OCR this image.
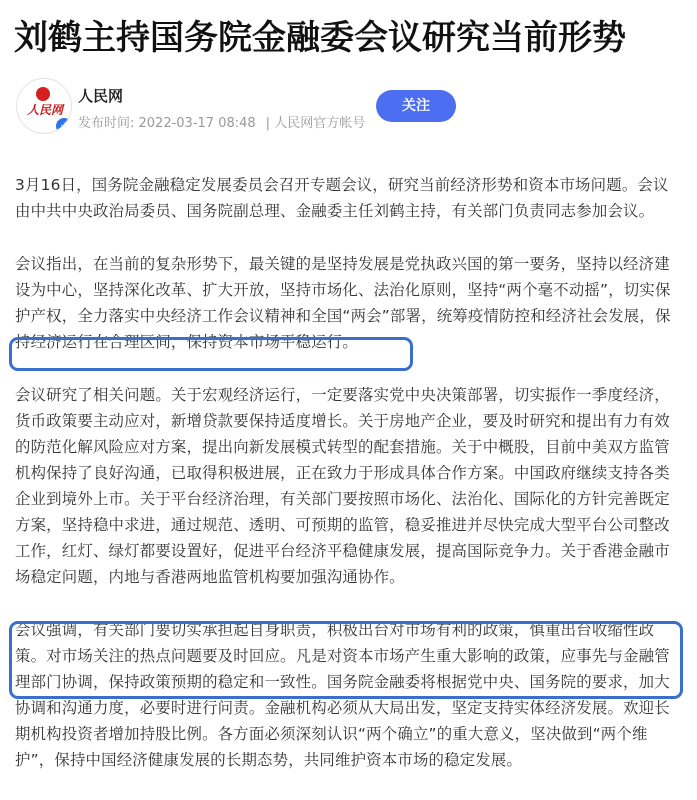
刘鹤主持国务院金融委会议研究当前形势
人民网
✓
人民网
发布时间: 2022-03-17 08:48 | 人民网官方帐号
关注

3月16日，国务院金融稳定发展委员会召开专题会议，研究当前经济形势和资本市场问题。会议由中共中央政治局委员、国务院副总理、金融委主任刘鹤主持，有关部门负责同志参加会议。

会议指出，在当前的复杂形势下，最关键的是坚持发展是党执政兴国的第一要务，坚持以经济建设为中心，坚持深化改革、扩大开放，坚持市场化、法治化原则，坚持“两个毫不动摇”，切实保护产权，全力落实中央经济工作会议精神和全国“两会”部署，统筹疫情防控和经济社会发展，保持经济运行在合理区间，保持资本市场平稳运行。

会议研究了相关问题。关于宏观经济运行，一定要落实党中央决策部署，切实振作一季度经济，货币政策要主动应对，新增贷款要保持适度增长。关于房地产企业，要及时研究和提出有力有效的防范化解风险应对方案，提出向新发展模式转型的配套措施。关于中概股，目前中美双方监管机构保持了良好沟通，已取得积极进展，正在致力于形成具体合作方案。中国政府继续支持各类企业到境外上市。关于平台经济治理，有关部门要按照市场化、法治化、国际化的方针完善既定方案，坚持稳中求进，通过规范、透明、可预期的监管，稳妥推进并尽快完成大型平台公司整改工作，红灯、绿灯都要设置好，促进平台经济平稳健康发展，提高国际竞争力。关于香港金融市场稳定问题，内地与香港两地监管机构要加强沟通协作。

会议强调，有关部门要切实承担起自身职责，积极出台对市场有利的政策，慎重出台收缩性政策。对市场关注的热点问题要及时回应。凡是对资本市场产生重大影响的政策，应事先与金融管理部门协调，保持政策预期的稳定和一致性。国务院金融委将根据党中央、国务院的要求，加大协调和沟通力度，必要时进行问责。金融机构必须从大局出发，坚定支持实体经济发展。欢迎长期机构投资者增加持股比例。各方面必须深刻认识“两个确立”的重大意义，坚决做到“两个维护”，保持中国经济健康发展的长期态势，共同维护资本市场的稳定发展。
